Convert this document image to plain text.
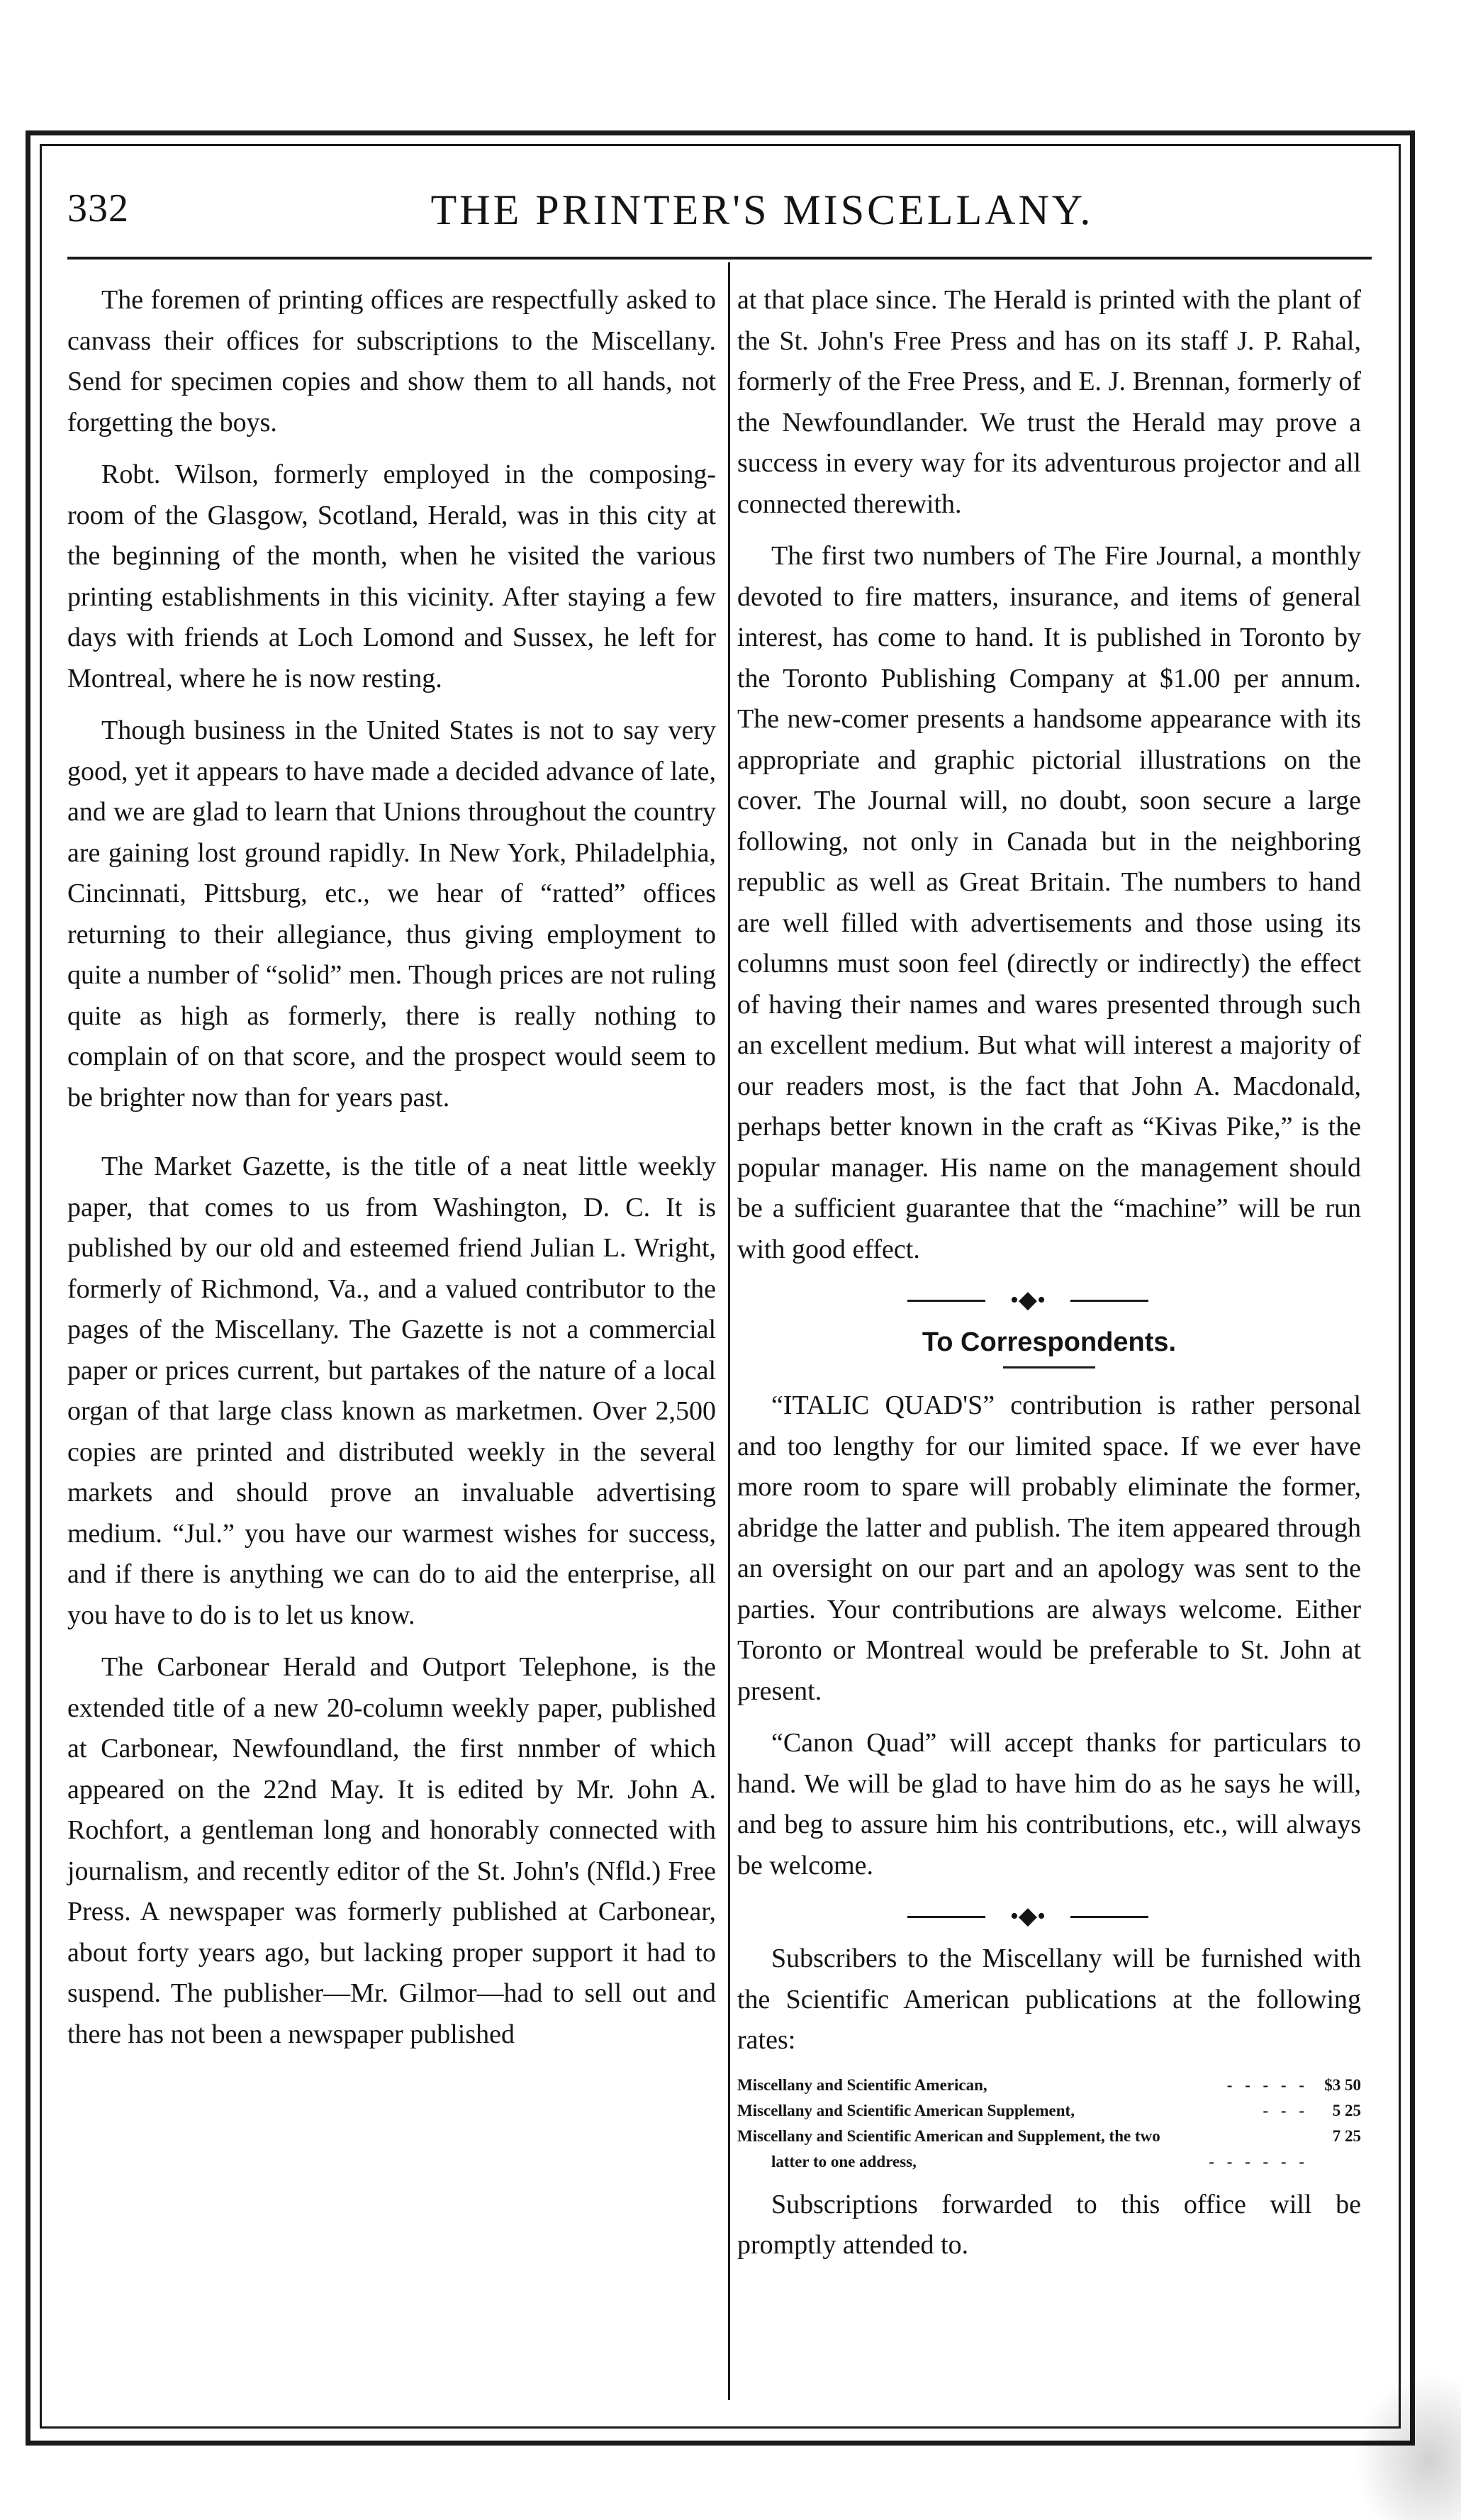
332	THE PRINTER'S MISCELLANY.

The foremen of printing offices are respectfully asked to canvass their offices for subscriptions to the Miscellany. Send for specimen copies and show them to all hands, not forgetting the boys.

Robt. Wilson, formerly employed in the composing-room of the Glasgow, Scotland, Herald, was in this city at the beginning of the month, when he visited the various printing establishments in this vicinity. After staying a few days with friends at Loch Lomond and Sussex, he left for Montreal, where he is now resting.

Though business in the United States is not to say very good, yet it appears to have made a decided advance of late, and we are glad to learn that Unions throughout the country are gaining lost ground rapidly. In New York, Philadelphia, Cincinnati, Pittsburg, etc., we hear of “ratted” offices returning to their allegiance, thus giving employment to quite a number of “solid” men. Though prices are not ruling quite as high as formerly, there is really nothing to complain of on that score, and the prospect would seem to be brighter now than for years past.

The Market Gazette, is the title of a neat little weekly paper, that comes to us from Washington, D. C. It is published by our old and esteemed friend Julian L. Wright, formerly of Richmond, Va., and a valued contributor to the pages of the Miscellany. The Gazette is not a commercial paper or prices current, but partakes of the nature of a local organ of that large class known as marketmen. Over 2,500 copies are printed and distributed weekly in the several markets and should prove an invaluable advertising medium. “Jul.” you have our warmest wishes for success, and if there is anything we can do to aid the enterprise, all you have to do is to let us know.

The Carbonear Herald and Outport Telephone, is the extended title of a new 20-column weekly paper, published at Carbonear, Newfoundland, the first nnmber of which appeared on the 22nd May. It is edited by Mr. John A. Rochfort, a gentleman long and honorably connected with journalism, and recently editor of the St. John's (Nfld.) Free Press. A newspaper was formerly published at Carbonear, about forty years ago, but lacking proper support it had to suspend. The publisher—Mr. Gilmor—had to sell out and there has not been a newspaper published

at that place since. The Herald is printed with the plant of the St. John's Free Press and has on its staff J. P. Rahal, formerly of the Free Press, and E. J. Brennan, formerly of the Newfoundlander. We trust the Herald may prove a success in every way for its adventurous projector and all connected therewith.

The first two numbers of The Fire Journal, a monthly devoted to fire matters, insurance, and items of general interest, has come to hand. It is published in Toronto by the Toronto Publishing Company at $1.00 per annum. The new-comer presents a handsome appearance with its appropriate and graphic pictorial illustrations on the cover. The Journal will, no doubt, soon secure a large following, not only in Canada but in the neighboring republic as well as Great Britain. The numbers to hand are well filled with advertisements and those using its columns must soon feel (directly or indirectly) the effect of having their names and wares presented through such an excellent medium. But what will interest a majority of our readers most, is the fact that John A. Macdonald, perhaps better known in the craft as “Kivas Pike,” is the popular manager. His name on the management should be a sufficient guarantee that the “machine” will be run with good effect.

•◆•
To Correspondents.

“ITALIC QUAD'S” contribution is rather personal and too lengthy for our limited space. If we ever have more room to spare will probably eliminate the former, abridge the latter and publish. The item appeared through an oversight on our part and an apology was sent to the parties. Your contributions are always welcome. Either Toronto or Montreal would be preferable to St. John at present.

“Canon Quad” will accept thanks for particulars to hand. We will be glad to have him do as he says he will, and beg to assure him his contributions, etc., will always be welcome.

•◆•

Subscribers to the Miscellany will be furnished with the Scientific American publications at the following rates:

Miscellany and Scientific American,	- - - - - $3 50
Miscellany and Scientific American Supplement,	- - -	5 25
Miscellany and Scientific American and Supplement, the two	7 25
latter to one address,	- - - - - -

Subscriptions forwarded to this office will be promptly attended to.
